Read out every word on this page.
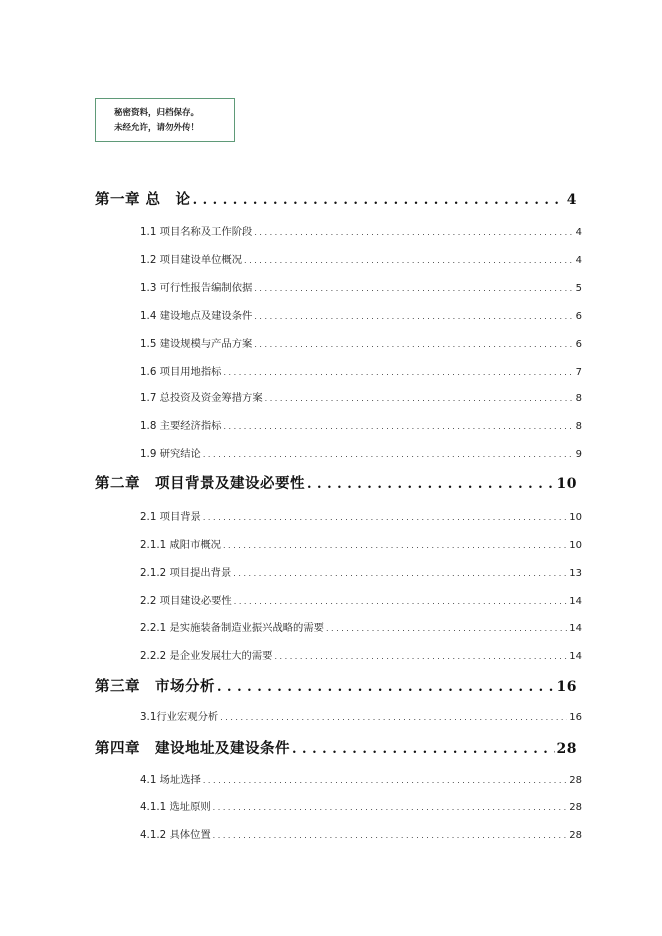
秘密资料，归档保存。
未经允许，请勿外传！
第一章 总　论 . . .	4
1.1 项目名称及工作阶段 . . .	4
1.2 项目建设单位概况 . . .	4
1.3 可行性报告编制依据 . . .	5
1.4 建设地点及建设条件 . . .	6
1.5 建设规模与产品方案 . . .	6
1.6 项目用地指标 . . .	7
1.7 总投资及资金筹措方案 . . .	8
1.8 主要经济指标 . . .	8
1.9 研究结论 . . .	9
第二章　项目背景及建设必要性 . . .	10
2.1 项目背景 . . .	10
2.1.1 咸阳市概况 . . .	10
2.1.2 项目提出背景 . . .	13
2.2 项目建设必要性 . . .	14
2.2.1 是实施装备制造业振兴战略的需要 . . .	14
2.2.2 是企业发展壮大的需要 . . .	14
第三章　市场分析 . . .	16
3.1行业宏观分析 . . .	16
第四章　建设地址及建设条件 . . .	28
4.1 场址选择 . . .	28
4.1.1 选址原则 . . .	28
4.1.2 具体位置 . . .	28
